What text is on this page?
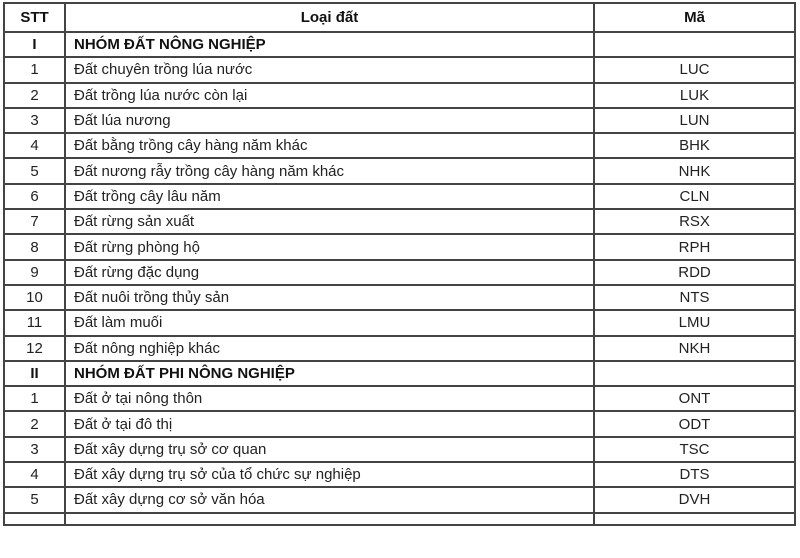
STT	Loại đất	Mã
I	NHÓM ĐẤT NÔNG NGHIỆP	
1	Đất chuyên trồng lúa nước	LUC
2	Đất trồng lúa nước còn lại	LUK
3	Đất lúa nương	LUN
4	Đất bằng trồng cây hàng năm khác	BHK
5	Đất nương rẫy trồng cây hàng năm khác	NHK
6	Đất trồng cây lâu năm	CLN
7	Đất rừng sản xuất	RSX
8	Đất rừng phòng hộ	RPH
9	Đất rừng đặc dụng	RDD
10	Đất nuôi trồng thủy sản	NTS
11	Đất làm muối	LMU
12	Đất nông nghiệp khác	NKH
II	NHÓM ĐẤT PHI NÔNG NGHIỆP	
1	Đất ở tại nông thôn	ONT
2	Đất ở tại đô thị	ODT
3	Đất xây dựng trụ sở cơ quan	TSC
4	Đất xây dựng trụ sở của tổ chức sự nghiệp	DTS
5	Đất xây dựng cơ sở văn hóa	DVH
